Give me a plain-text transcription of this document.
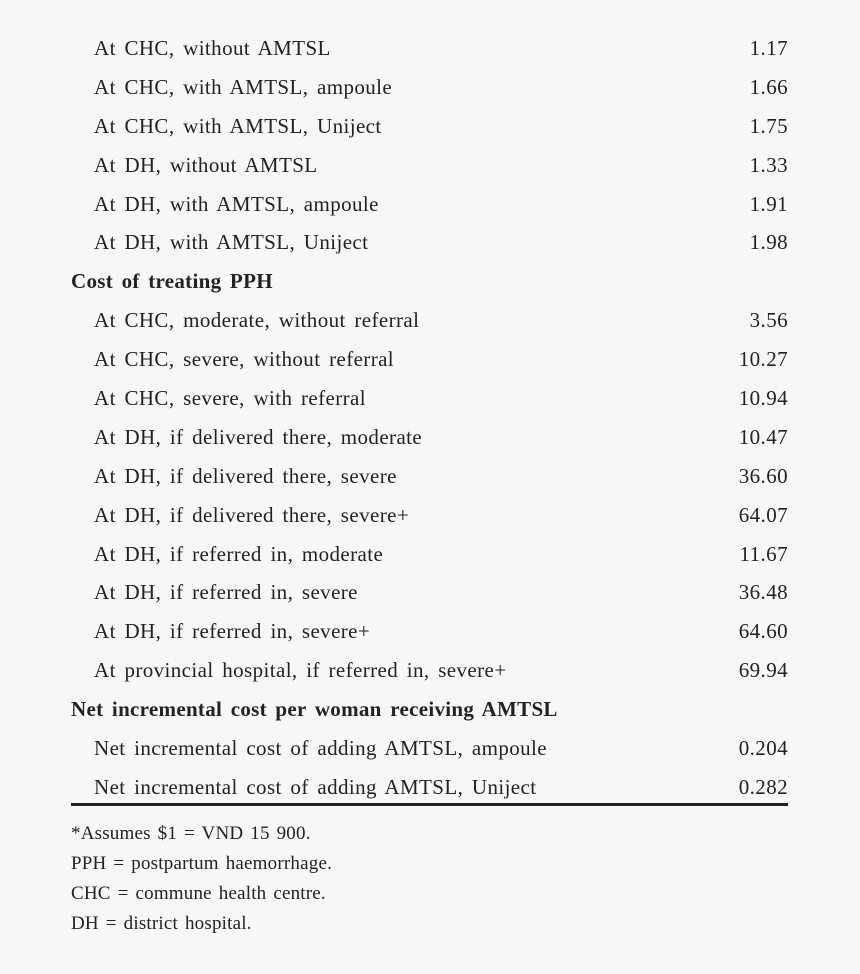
At CHC, without AMTSL	1.17
At CHC, with AMTSL, ampoule	1.66
At CHC, with AMTSL, Uniject	1.75
At DH, without AMTSL	1.33
At DH, with AMTSL, ampoule	1.91
At DH, with AMTSL, Uniject	1.98
Cost of treating PPH
At CHC, moderate, without referral	3.56
At CHC, severe, without referral	10.27
At CHC, severe, with referral	10.94
At DH, if delivered there, moderate	10.47
At DH, if delivered there, severe	36.60
At DH, if delivered there, severe+	64.07
At DH, if referred in, moderate	11.67
At DH, if referred in, severe	36.48
At DH, if referred in, severe+	64.60
At provincial hospital, if referred in, severe+	69.94
Net incremental cost per woman receiving AMTSL
Net incremental cost of adding AMTSL, ampoule	0.204
Net incremental cost of adding AMTSL, Uniject	0.282
*Assumes $1 = VND 15 900.
PPH = postpartum haemorrhage.
CHC = commune health centre.
DH = district hospital.
